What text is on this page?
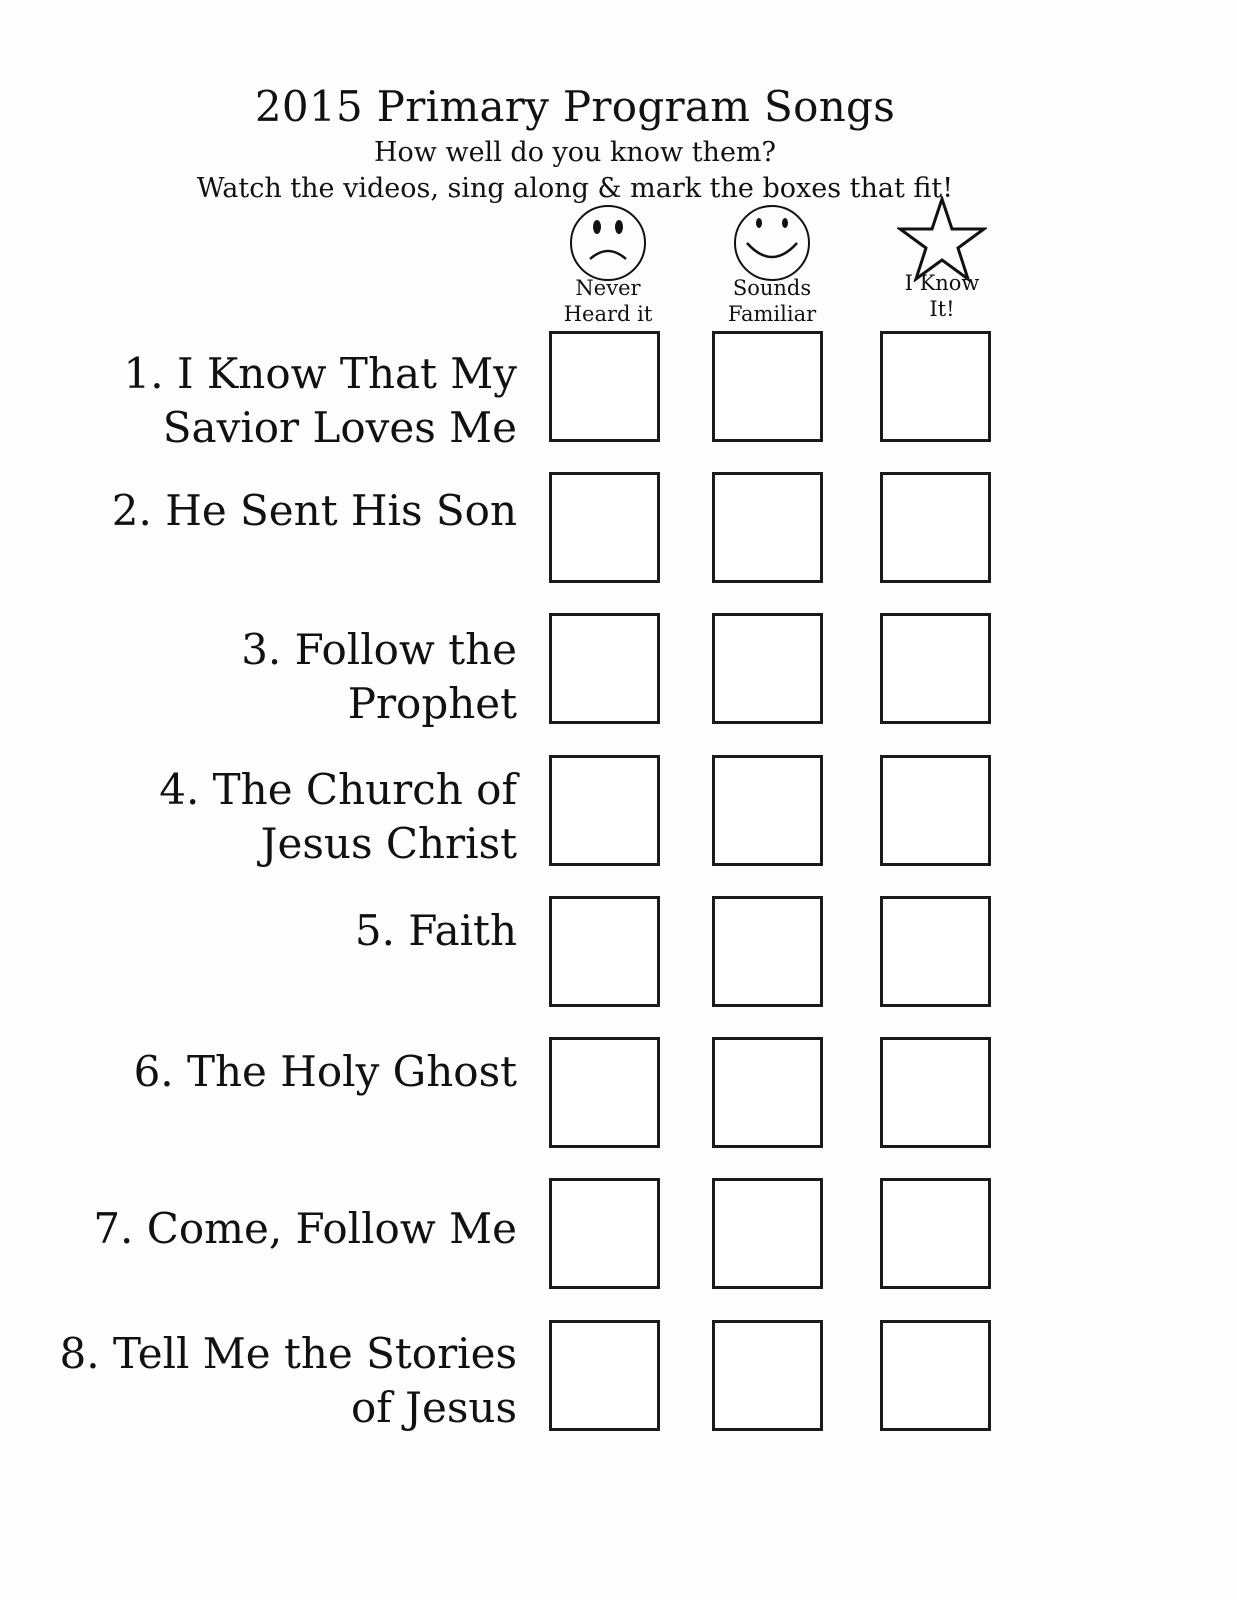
2015 Primary Program Songs
How well do you know them?
Watch the videos, sing along & mark the boxes that fit!
Never
Heard it
Sounds
Familiar
I Know
It!
1. I Know That My
Savior Loves Me
2. He Sent His Son
3. Follow the
Prophet
4. The Church of
Jesus Christ
5. Faith
6. The Holy Ghost
7. Come, Follow Me
8. Tell Me the Stories
of Jesus
